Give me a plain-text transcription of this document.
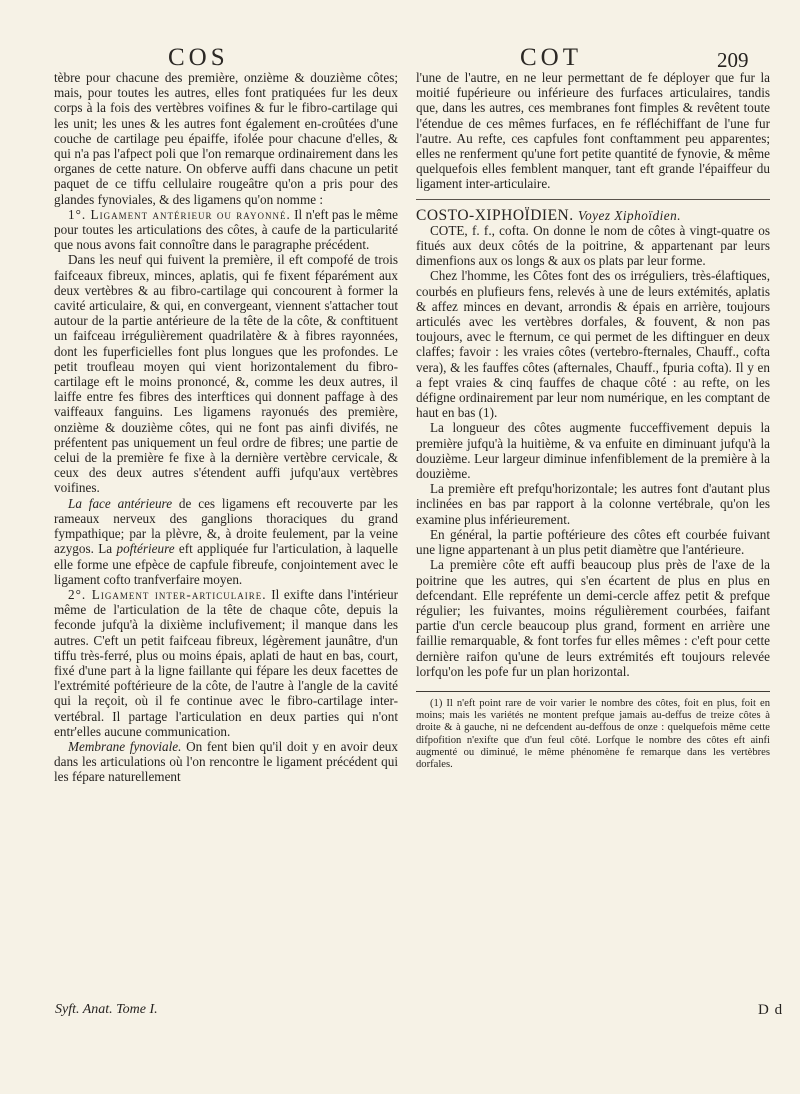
COS	COT	209

tèbre pour chacune des première, onzième & douzième côtes; mais, pour toutes les autres, elles font pratiquées fur les deux corps à la fois des vertèbres voifines & fur le fibro-cartilage qui les unit; les unes & les autres font également en-croûtées d'une couche de cartilage peu épaiffe, ifolée pour chacune d'elles, & qui n'a pas l'afpect poli que l'on remarque ordinairement dans les organes de cette nature. On obferve auffi dans chacune un petit paquet de ce tiffu cellulaire rougeâtre qu'on a pris pour des glandes fynoviales, & des ligamens qu'on nomme :

1°. Ligament antérieur ou rayonné. Il n'eft pas le même pour toutes les articulations des côtes, à caufe de la particularité que nous avons fait connoître dans le paragraphe précédent.

Dans les neuf qui fuivent la première, il eft compofé de trois faifceaux fibreux, minces, aplatis, qui fe fixent féparément aux deux vertèbres & au fibro-cartilage qui concourent à former la cavité articulaire, & qui, en convergeant, viennent s'attacher tout autour de la partie antérieure de la tête de la côte, & conftituent un faifceau irrégulièrement quadrilatère & à fibres rayonnées, dont les fuperficielles font plus longues que les profondes. Le petit troufleau moyen qui vient horizontalement du fibro-cartilage eft le moins prononcé, &, comme les deux autres, il laiffe entre fes fibres des interftices qui donnent paffage à des vaiffeaux fanguins. Les ligamens rayonués des première, onzième & douzième côtes, qui ne font pas ainfi divifés, ne préfentent pas uniquement un feul ordre de fibres; une partie de celui de la première fe fixe à la dernière vertèbre cervicale, & ceux des deux autres s'étendent auffi jufqu'aux vertèbres voifines.

La face antérieure de ces ligamens eft recouverte par les rameaux nerveux des ganglions thoraciques du grand fympathique; par la plèvre, &, à droite feulement, par la veine azygos. La poftérieure eft appliquée fur l'articulation, à laquelle elle forme une efpèce de capfule fibreufe, conjointement avec le ligament cofto tranfverfaire moyen.

2°. Ligament inter-articulaire. Il exifte dans l'intérieur même de l'articulation de la tête de chaque côte, depuis la feconde jufqu'à la dixième inclufivement; il manque dans les autres. C'eft un petit faifceau fibreux, légèrement jaunâtre, d'un tiffu très-ferré, plus ou moins épais, aplati de haut en bas, court, fixé d'une part à la ligne faillante qui fépare les deux facettes de l'extrémité poftérieure de la côte, de l'autre à l'angle de la cavité qui la reçoit, où il fe continue avec le fibro-cartilage inter-vertébral. Il partage l'articulation en deux parties qui n'ont entr'elles aucune communication.

Membrane fynoviale. On fent bien qu'il doit y en avoir deux dans les articulations où l'on rencontre le ligament précédent qui les fépare naturellement

l'une de l'autre, en ne leur permettant de fe déployer que fur la moitié fupérieure ou inférieure des furfaces articulaires, tandis que, dans les autres, ces membranes font fimples & revêtent toute l'étendue de ces mêmes furfaces, en fe réfléchiffant de l'une fur l'autre. Au refte, ces capfules font conftamment peu apparentes; elles ne renferment qu'une fort petite quantité de fynovie, & même quelquefois elles femblent manquer, tant eft grande l'épaiffeur du ligament inter-articulaire.

COSTO-XIPHOÏDIEN. Voyez Xiphoïdien.

COTE, f. f., cofta. On donne le nom de côtes à vingt-quatre os fitués aux deux côtés de la poitrine, & appartenant par leurs dimenfions aux os longs & aux os plats par leur forme.

Chez l'homme, les Côtes font des os irréguliers, très-élaftiques, courbés en plufieurs fens, relevés à une de leurs extémités, aplatis & affez minces en devant, arrondis & épais en arrière, toujours articulés avec les vertèbres dorfales, & fouvent, & non pas toujours, avec le fternum, ce qui permet de les diftinguer en deux claffes; favoir : les vraies côtes (vertebro-fternales, Chauff., cofta vera), & les fauffes côtes (afternales, Chauff., fpuria cofta). Il y en a fept vraies & cinq fauffes de chaque côté : au refte, on les défigne ordinairement par leur nom numérique, en les comptant de haut en bas (1).

La longueur des côtes augmente fucceffivement depuis la première jufqu'à la huitième, & va enfuite en diminuant jufqu'à la douzième. Leur largeur diminue infenfiblement de la première à la douzième.

La première eft prefqu'horizontale; les autres font d'autant plus inclinées en bas par rapport à la colonne vertébrale, qu'on les examine plus inférieurement.

En général, la partie poftérieure des côtes eft courbée fuivant une ligne appartenant à un plus petit diamètre que l'antérieure.

La première côte eft auffi beaucoup plus près de l'axe de la poitrine que les autres, qui s'en écartent de plus en plus en defcendant. Elle repréfente un demi-cercle affez petit & prefque régulier; les fuivantes, moins régulièrement courbées, faifant partie d'un cercle beaucoup plus grand, forment en arrière une faillie remarquable, & font torfes fur elles mêmes : c'eft pour cette dernière raifon qu'une de leurs extrémités eft toujours relevée lorfqu'on les pofe fur un plan horizontal.

(1) Il n'eft point rare de voir varier le nombre des côtes, foit en plus, foit en moins; mais les variétés ne montent prefque jamais au-deffus de treize côtes à droite & à gauche, ni ne defcendent au-deffous de onze : quelquefois même cette difpofition n'exifte que d'un feul côté. Lorfque le nombre des côtes eft ainfi augmenté ou diminué, le même phénomène fe remarque dans les vertèbres dorfales.

Syft. Anat. Tome I.	D d
